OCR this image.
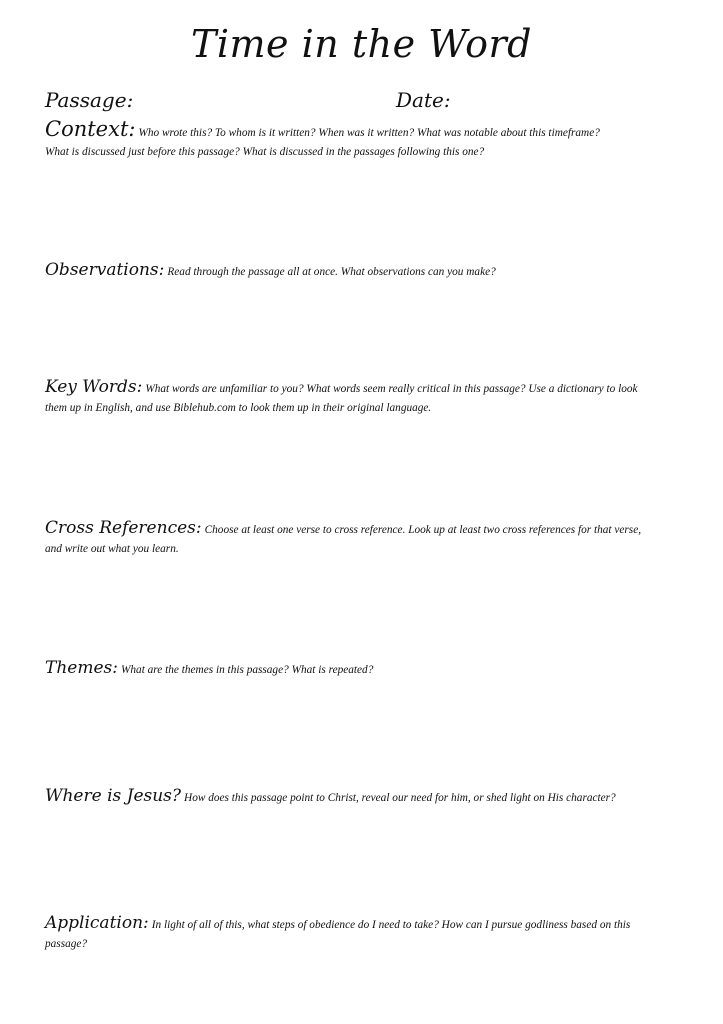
Time in the Word
Passage:	Date:
Context: Who wrote this? To whom is it written? When was it written? What was notable about this timeframe?
What is discussed just before this passage? What is discussed in the passages following this one?
Observations: Read through the passage all at once. What observations can you make?
Key Words: What words are unfamiliar to you? What words seem really critical in this passage? Use a dictionary to look
them up in English, and use Biblehub.com to look them up in their original language.
Cross References: Choose at least one verse to cross reference. Look up at least two cross references for that verse,
and write out what you learn.
Themes: What are the themes in this passage? What is repeated?
Where is Jesus? How does this passage point to Christ, reveal our need for him, or shed light on His character?
Application: In light of all of this, what steps of obedience do I need to take? How can I pursue godliness based on this
passage?
